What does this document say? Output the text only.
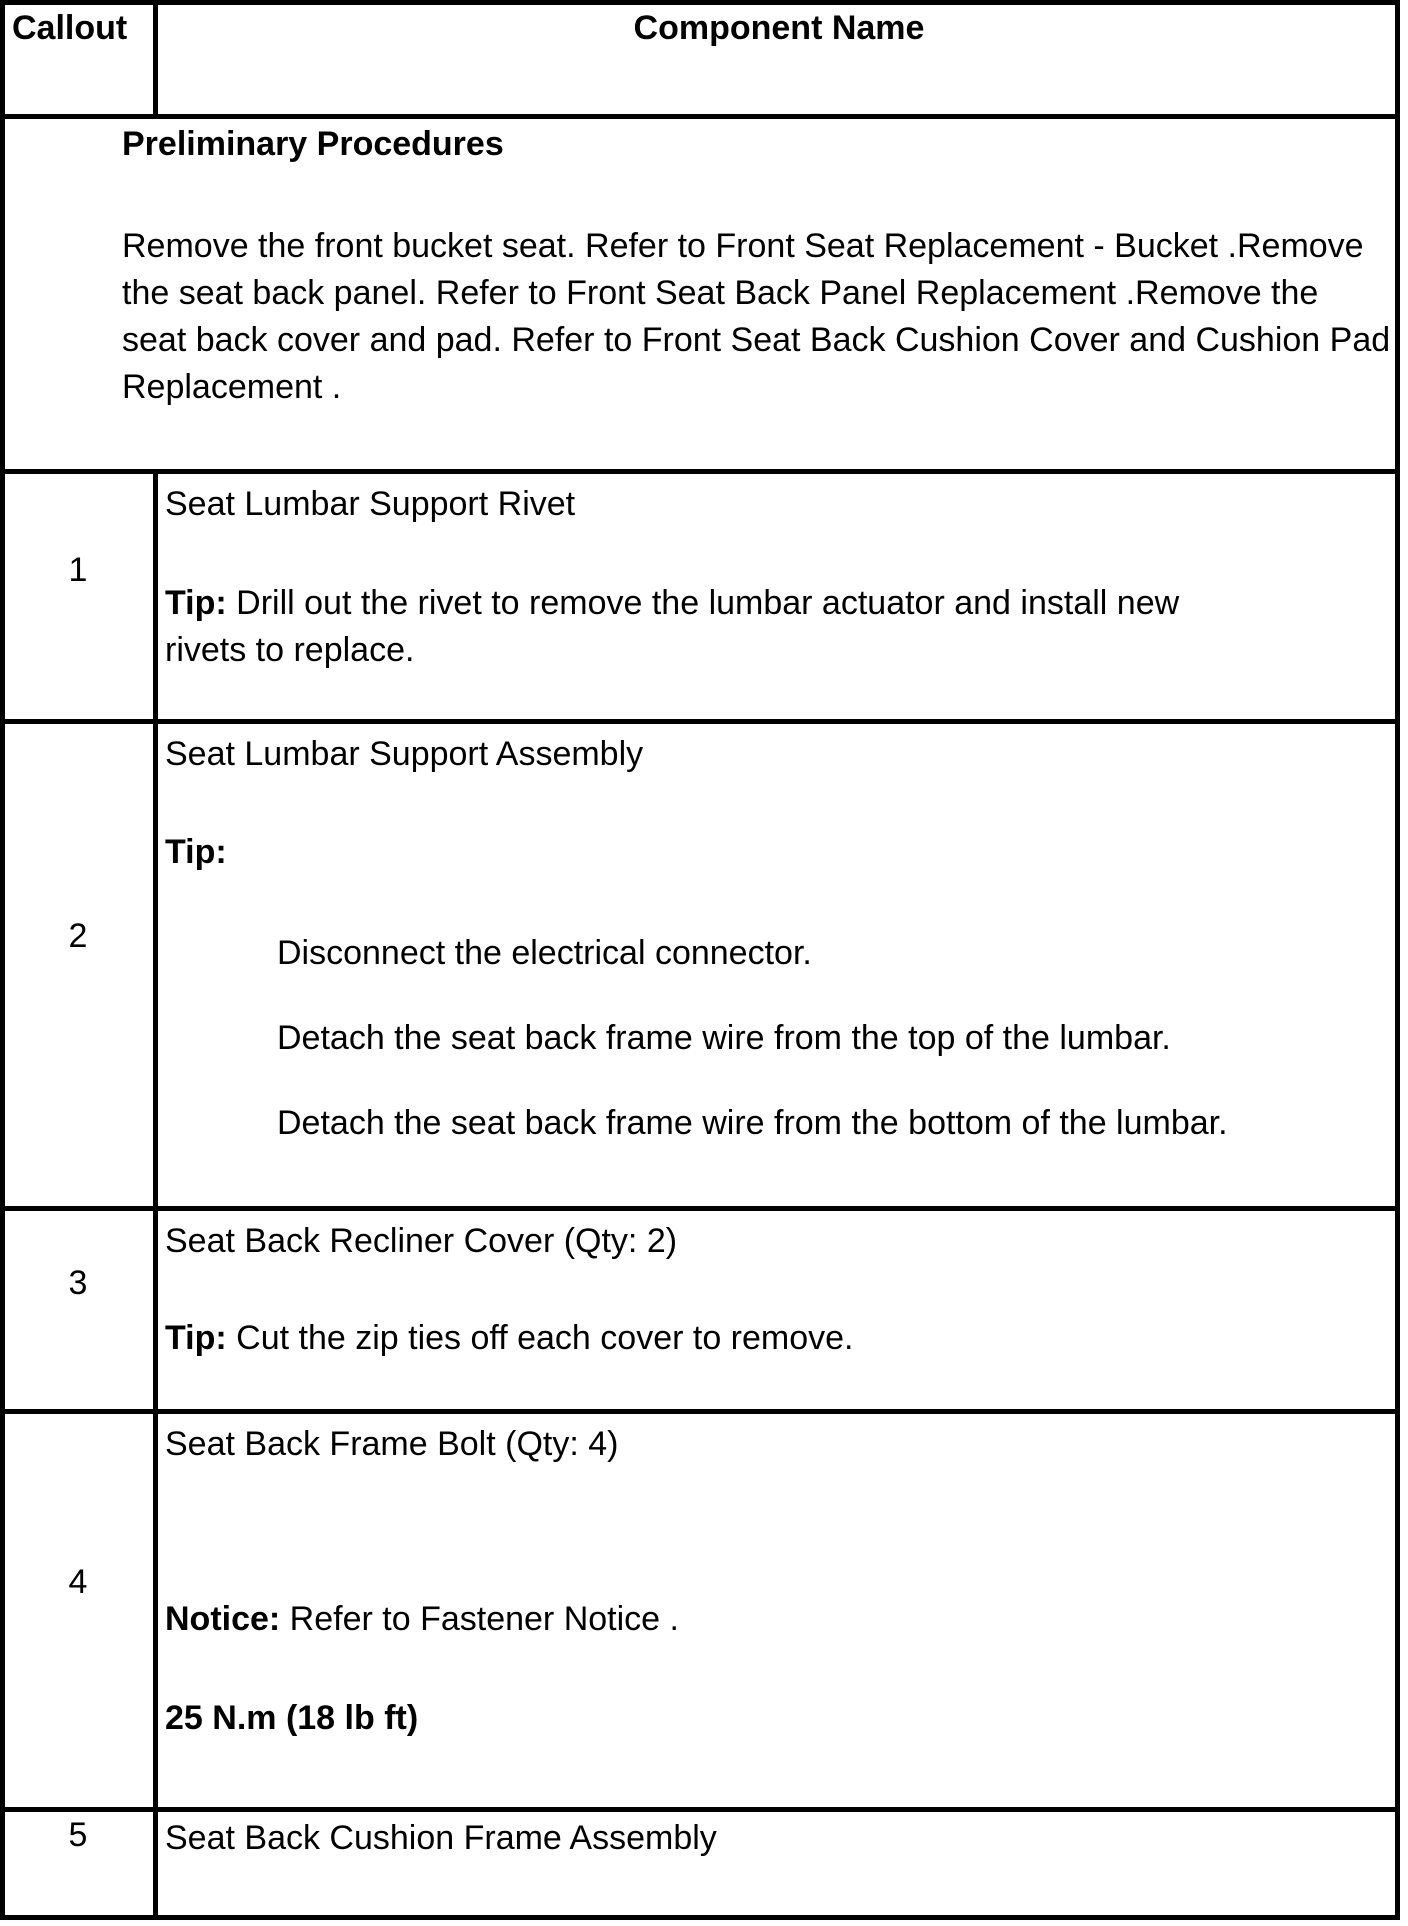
Callout	Component Name
Preliminary Procedures
Remove the front bucket seat. Refer to Front Seat Replacement - Bucket .Remove the seat back panel. Refer to Front Seat Back Panel Replacement .Remove the seat back cover and pad. Refer to Front Seat Back Cushion Cover and Cushion Pad Replacement .
1
Seat Lumbar Support Rivet
Tip: Drill out the rivet to remove the lumbar actuator and install new
rivets to replace.
2
Seat Lumbar Support Assembly
Tip:
Disconnect the electrical connector.
Detach the seat back frame wire from the top of the lumbar.
Detach the seat back frame wire from the bottom of the lumbar.
3
Seat Back Recliner Cover (Qty: 2)
Tip: Cut the zip ties off each cover to remove.
4
Seat Back Frame Bolt (Qty: 4)
Notice: Refer to Fastener Notice .
25 N.m (18 lb ft)
5	Seat Back Cushion Frame Assembly
